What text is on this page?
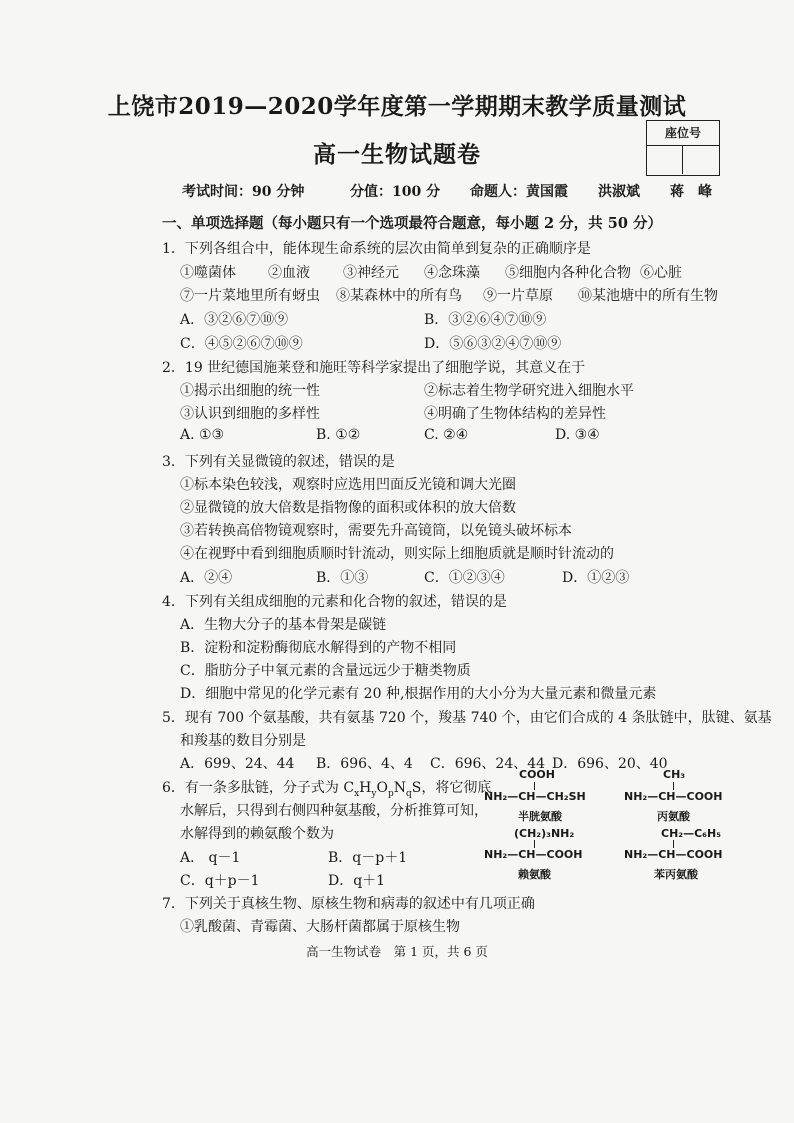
上饶市2019—2020学年度第一学期期末教学质量测试
高一生物试题卷
座位号
考试时间：90 分钟	分值：100 分 命题人：黄国霞 洪淑斌 蒋　峰
一、单项选择题（每小题只有一个选项最符合题意，每小题 2 分，共 50 分）
1．下列各组合中，能体现生命系统的层次由简单到复杂的正确顺序是
①噬菌体 ②血液 ③神经元 ④念珠藻 ⑤细胞内各种化合物 ⑥心脏
⑦一片菜地里所有蚜虫 ⑧某森林中的所有鸟 ⑨一片草原 ⑩某池塘中的所有生物
A．③②⑥⑦⑩⑨	B．③②⑥④⑦⑩⑨
C．④⑤②⑥⑦⑩⑨	D．⑤⑥③②④⑦⑩⑨
2．19 世纪德国施莱登和施旺等科学家提出了细胞学说，其意义在于
①揭示出细胞的统一性	②标志着生物学研究进入细胞水平
③认识到细胞的多样性	④明确了生物体结构的差异性
A. ①③	B. ①②	C. ②④	D. ③④
3．下列有关显微镜的叙述，错误的是
①标本染色较浅，观察时应选用凹面反光镜和调大光圈
②显微镜的放大倍数是指物像的面积或体积的放大倍数
③若转换高倍物镜观察时，需要先升高镜筒，以免镜头破坏标本
④在视野中看到细胞质顺时针流动，则实际上细胞质就是顺时针流动的
A．②④	B．①③	C．①②③④	D．①②③
4．下列有关组成细胞的元素和化合物的叙述，错误的是
A．生物大分子的基本骨架是碳链
B．淀粉和淀粉酶彻底水解得到的产物不相同
C．脂肪分子中氧元素的含量远远少于糖类物质
D．细胞中常见的化学元素有 20 种,根据作用的大小分为大量元素和微量元素
5．现有 700 个氨基酸，共有氨基 720 个，羧基 740 个，由它们合成的 4 条肽链中，肽键、氨基
和羧基的数目分别是
A．699、24、44 B．696、4、4 C．696、24、44 D．696、20、40
6．有一条多肽链，分子式为 $C_xH_yO_pN_qS$，将它彻底
水解后，只得到右侧四种氨基酸，分析推算可知，
水解得到的赖氨酸个数为
A． q－1	B．q－p＋1
C．q＋p－1	D．q＋1
COOH
NH₂—CH—CH₂SH
半胱氨酸
CH₃
NH₂—CH—COOH
丙氨酸
(CH₂)₃NH₂
NH₂—CH—COOH
赖氨酸
CH₂—C₆H₅
NH₂—CH—COOH
苯丙氨酸
7．下列关于真核生物、原核生物和病毒的叙述中有几项正确
①乳酸菌、青霉菌、大肠杆菌都属于原核生物
高一生物试卷　第 1 页，共 6 页
